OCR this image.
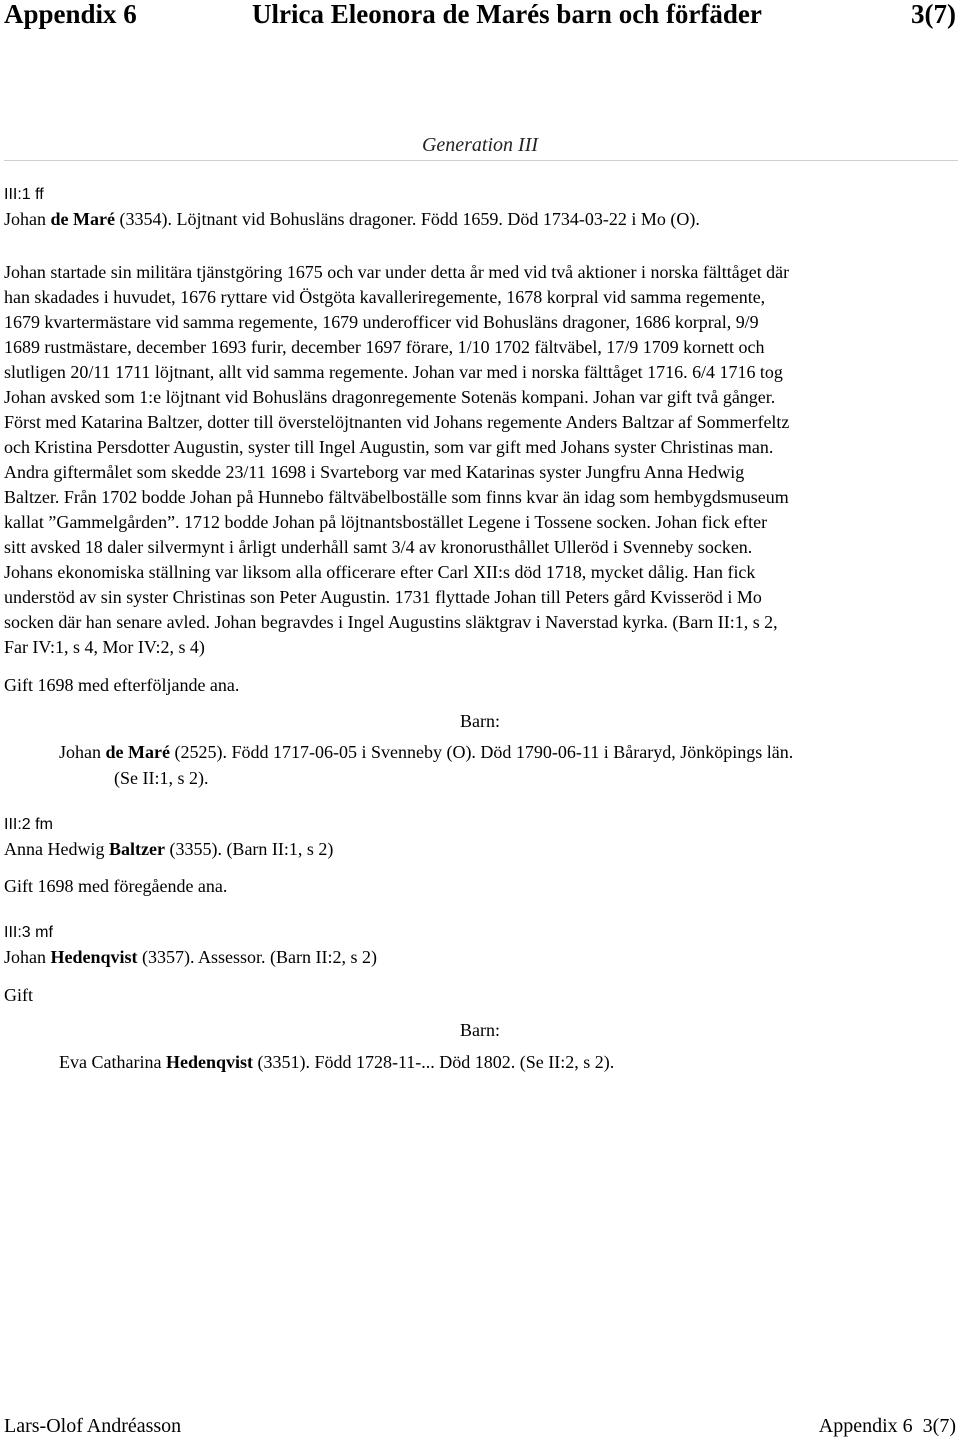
Appendix 6	Ulrica Eleonora de Marés barn och förfäder	3(7)
Generation III
III:1 ff
Johan de Maré (3354). Löjtnant vid Bohusläns dragoner. Född 1659. Död 1734-03-22 i Mo (O).
Johan startade sin militära tjänstgöring 1675 och var under detta år med vid två aktioner i norska fälttåget där
han skadades i huvudet, 1676 ryttare vid Östgöta kavalleriregemente, 1678 korpral vid samma regemente,
1679 kvartermästare vid samma regemente, 1679 underofficer vid Bohusläns dragoner, 1686 korpral, 9/9
1689 rustmästare, december 1693 furir, december 1697 förare, 1/10 1702 fältväbel, 17/9 1709 kornett och
slutligen 20/11 1711 löjtnant, allt vid samma regemente. Johan var med i norska fälttåget 1716. 6/4 1716 tog
Johan avsked som 1:e löjtnant vid Bohusläns dragonregemente Sotenäs kompani. Johan var gift två gånger.
Först med Katarina Baltzer, dotter till överstelöjtnanten vid Johans regemente Anders Baltzar af Sommerfeltz
och Kristina Persdotter Augustin, syster till Ingel Augustin, som var gift med Johans syster Christinas man.
Andra giftermålet som skedde 23/11 1698 i Svarteborg var med Katarinas syster Jungfru Anna Hedwig
Baltzer. Från 1702 bodde Johan på Hunnebo fältväbelboställe som finns kvar än idag som hembygdsmuseum
kallat ”Gammelgården”. 1712 bodde Johan på löjtnantsbostället Legene i Tossene socken. Johan fick efter
sitt avsked 18 daler silvermynt i årligt underhåll samt 3/4 av kronorusthållet Ulleröd i Svenneby socken.
Johans ekonomiska ställning var liksom alla officerare efter Carl XII:s död 1718, mycket dålig. Han fick
understöd av sin syster Christinas son Peter Augustin. 1731 flyttade Johan till Peters gård Kvisseröd i Mo
socken där han senare avled. Johan begravdes i Ingel Augustins släktgrav i Naverstad kyrka. (Barn II:1, s 2,
Far IV:1, s 4, Mor IV:2, s 4)
Gift 1698 med efterföljande ana.
Barn:
Johan de Maré (2525). Född 1717-06-05 i Svenneby (O). Död 1790-06-11 i Båraryd, Jönköpings län.
(Se II:1, s 2).
III:2 fm
Anna Hedwig Baltzer (3355). (Barn II:1, s 2)
Gift 1698 med föregående ana.
III:3 mf
Johan Hedenqvist (3357). Assessor. (Barn II:2, s 2)
Gift
Barn:
Eva Catharina Hedenqvist (3351). Född 1728-11-... Död 1802. (Se II:2, s 2).
Lars-Olof Andréasson	Appendix 6 3(7)
